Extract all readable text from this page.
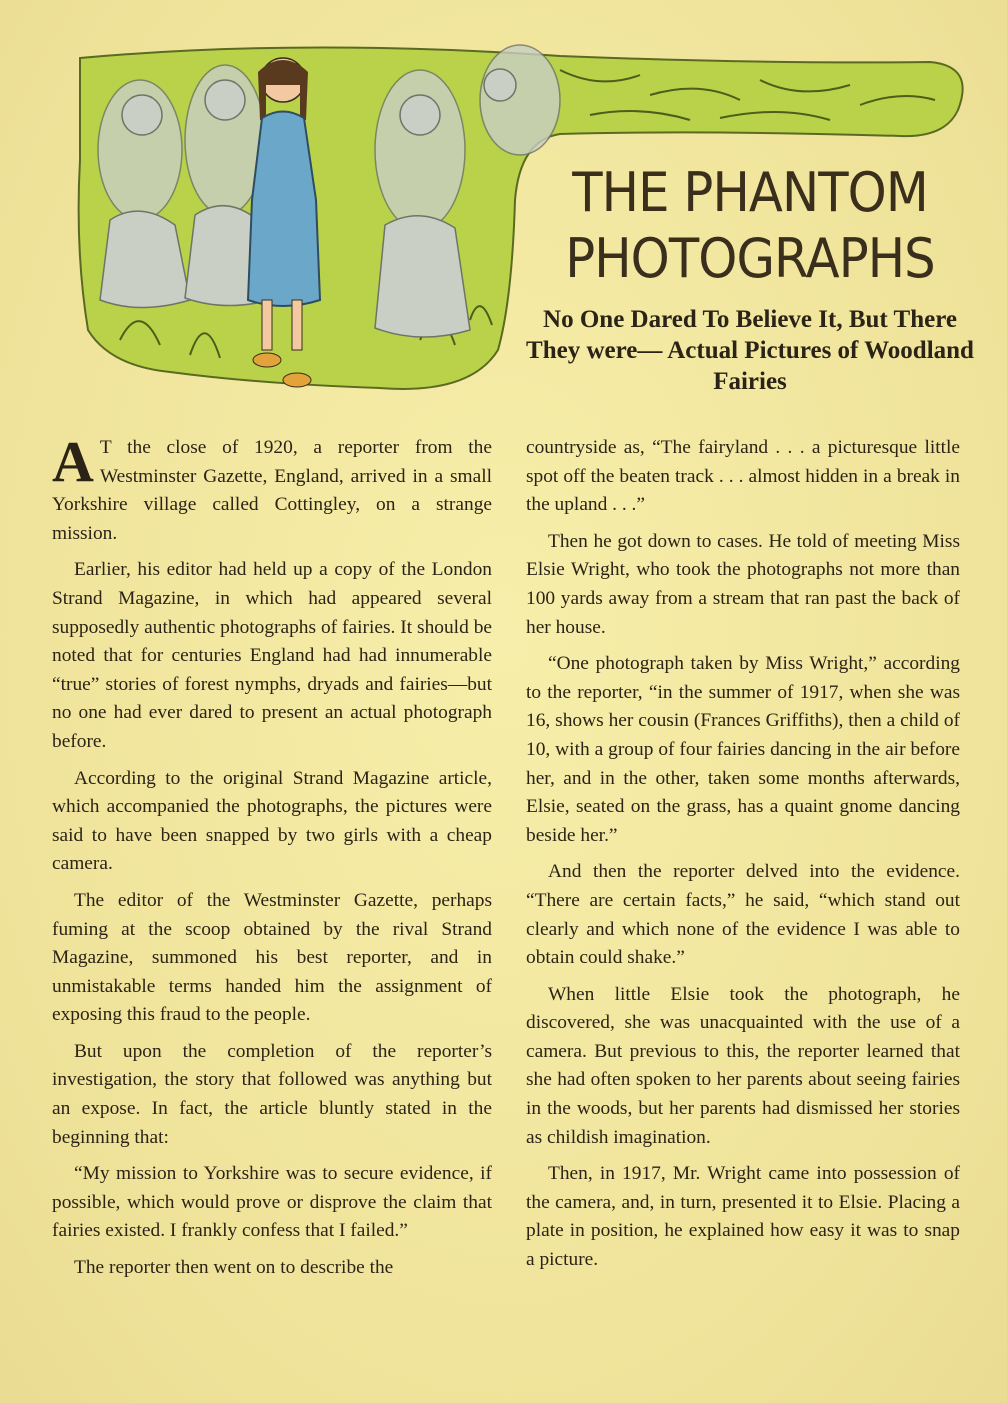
THE PHANTOM
PHOTOGRAPHS
No One Dared To Believe It, But There They were— Actual Pictures of Woodland Fairies

A T the close of 1920, a reporter from the Westminster Gazette, England, arrived in a small Yorkshire village called Cottingley, on a strange mission.

Earlier, his editor had held up a copy of the London Strand Magazine, in which had appeared several supposedly authentic photographs of fairies. It should be noted that for centuries England had had innumerable “true” stories of forest nymphs, dryads and fairies—but no one had ever dared to present an actual photograph before.

According to the original Strand Magazine article, which accompanied the photographs, the pictures were said to have been snapped by two girls with a cheap camera.

The editor of the Westminster Gazette, perhaps fuming at the scoop obtained by the rival Strand Magazine, summoned his best reporter, and in unmistakable terms handed him the assignment of exposing this fraud to the people.

But upon the completion of the reporter’s investigation, the story that followed was anything but an expose. In fact, the article bluntly stated in the beginning that:

“My mission to Yorkshire was to secure evidence, if possible, which would prove or disprove the claim that fairies existed. I frankly confess that I failed.”

The reporter then went on to describe the

countryside as, “The fairyland . . . a picturesque little spot off the beaten track . . . almost hidden in a break in the upland . . .”

Then he got down to cases. He told of meeting Miss Elsie Wright, who took the photographs not more than 100 yards away from a stream that ran past the back of her house.

“One photograph taken by Miss Wright,” according to the reporter, “in the summer of 1917, when she was 16, shows her cousin (Frances Griffiths), then a child of 10, with a group of four fairies dancing in the air before her, and in the other, taken some months afterwards, Elsie, seated on the grass, has a quaint gnome dancing beside her.”

And then the reporter delved into the evidence. “There are certain facts,” he said, “which stand out clearly and which none of the evidence I was able to obtain could shake.”

When little Elsie took the photograph, he discovered, she was unacquainted with the use of a camera. But previous to this, the reporter learned that she had often spoken to her parents about seeing fairies in the woods, but her parents had dismissed her stories as childish imagination.

Then, in 1917, Mr. Wright came into possession of the camera, and, in turn, presented it to Elsie. Placing a plate in position, he explained how easy it was to snap a picture.
